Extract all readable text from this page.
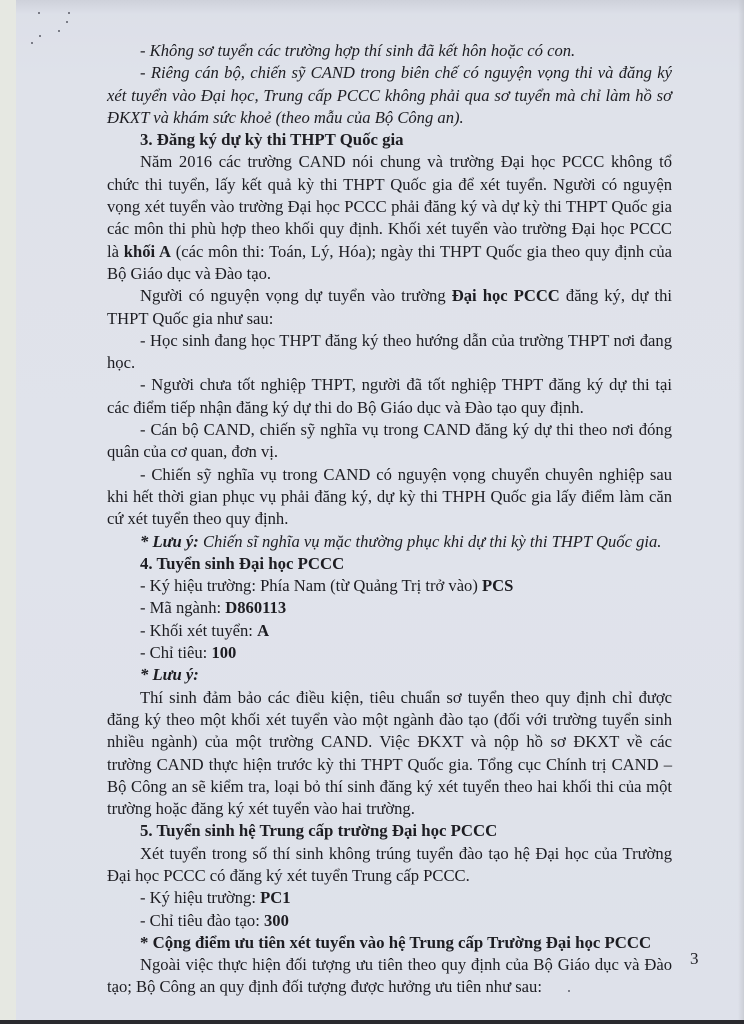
- Không sơ tuyển các trường hợp thí sinh đã kết hôn hoặc có con.

- Riêng cán bộ, chiến sỹ CAND trong biên chế có nguyện vọng thi và đăng ký xét tuyển vào Đại học, Trung cấp PCCC không phải qua sơ tuyển mà chỉ làm hồ sơ ĐKXT và khám sức khoẻ (theo mẫu của Bộ Công an).

3. Đăng ký dự kỳ thi THPT Quốc gia

Năm 2016 các trường CAND nói chung và trường Đại học PCCC không tổ chức thi tuyển, lấy kết quả kỳ thi THPT Quốc gia để xét tuyển. Người có nguyện vọng xét tuyển vào trường Đại học PCCC phải đăng ký và dự kỳ thi THPT Quốc gia các môn thi phù hợp theo khối quy định. Khối xét tuyển vào trường Đại học PCCC là khối A (các môn thi: Toán, Lý, Hóa); ngày thi THPT Quốc gia theo quy định của Bộ Giáo dục và Đào tạo.

Người có nguyện vọng dự tuyển vào trường Đại học PCCC đăng ký, dự thi THPT Quốc gia như sau:

- Học sinh đang học THPT đăng ký theo hướng dẫn của trường THPT nơi đang học.

- Người chưa tốt nghiệp THPT, người đã tốt nghiệp THPT đăng ký dự thi tại các điểm tiếp nhận đăng ký dự thi do Bộ Giáo dục và Đào tạo quy định.

- Cán bộ CAND, chiến sỹ nghĩa vụ trong CAND đăng ký dự thi theo nơi đóng quân của cơ quan, đơn vị.

- Chiến sỹ nghĩa vụ trong CAND có nguyện vọng chuyển chuyên nghiệp sau khi hết thời gian phục vụ phải đăng ký, dự kỳ thi THPH Quốc gia lấy điểm làm căn cứ xét tuyển theo quy định.

* Lưu ý: Chiến sĩ nghĩa vụ mặc thường phục khi dự thi kỳ thi THPT Quốc gia.

4. Tuyển sinh Đại học PCCC

- Ký hiệu trường: Phía Nam (từ Quảng Trị trở vào) PCS

- Mã ngành: D860113

- Khối xét tuyển: A

- Chỉ tiêu: 100

* Lưu ý:

Thí sinh đảm bảo các điều kiện, tiêu chuẩn sơ tuyển theo quy định chỉ được đăng ký theo một khối xét tuyển vào một ngành đào tạo (đối với trường tuyển sinh nhiều ngành) của một trường CAND. Việc ĐKXT và nộp hồ sơ ĐKXT về các trường CAND thực hiện trước kỳ thi THPT Quốc gia. Tổng cục Chính trị CAND – Bộ Công an sẽ kiểm tra, loại bỏ thí sinh đăng ký xét tuyển theo hai khối thi của một trường hoặc đăng ký xét tuyển vào hai trường.

5. Tuyển sinh hệ Trung cấp trường Đại học PCCC

Xét tuyển trong số thí sinh không trúng tuyển đào tạo hệ Đại học của Trường Đại học PCCC có đăng ký xét tuyển Trung cấp PCCC.

- Ký hiệu trường: PC1

- Chỉ tiêu đào tạo: 300

* Cộng điểm ưu tiên xét tuyển vào hệ Trung cấp Trường Đại học PCCC

Ngoài việc thực hiện đối tượng ưu tiên theo quy định của Bộ Giáo dục và Đào tạo; Bộ Công an quy định đối tượng được hưởng ưu tiên như sau:

3
